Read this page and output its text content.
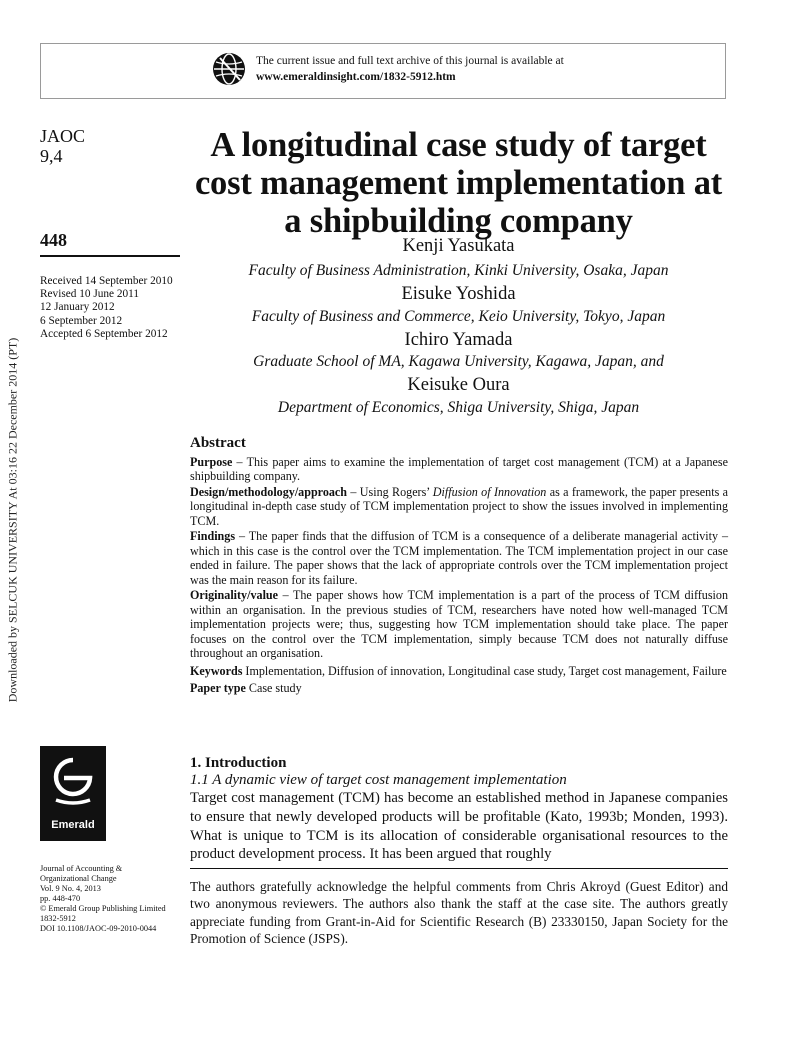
The current issue and full text archive of this journal is available at
www.emeraldinsight.com/1832-5912.htm
Downloaded by SELCUK UNIVERSITY At 03:16 22 December 2014 (PT)
JAOC
9,4
448
Received 14 September 2010
Revised 10 June 2011
12 January 2012
6 September 2012
Accepted 6 September 2012
A longitudinal case study of target cost management implementation at a shipbuilding company
Kenji Yasukata
Faculty of Business Administration, Kinki University, Osaka, Japan
Eisuke Yoshida
Faculty of Business and Commerce, Keio University, Tokyo, Japan
Ichiro Yamada
Graduate School of MA, Kagawa University, Kagawa, Japan, and
Keisuke Oura
Department of Economics, Shiga University, Shiga, Japan
Abstract

Purpose – This paper aims to examine the implementation of target cost management (TCM) at a Japanese shipbuilding company.

Design/methodology/approach – Using Rogers’ Diffusion of Innovation as a framework, the paper presents a longitudinal in-depth case study of TCM implementation project to show the issues involved in implementing TCM.

Findings – The paper finds that the diffusion of TCM is a consequence of a deliberate managerial activity – which in this case is the control over the TCM implementation. The TCM implementation project in our case ended in failure. The paper shows that the lack of appropriate controls over the TCM implementation project was the main reason for its failure.

Originality/value – The paper shows how TCM implementation is a part of the process of TCM diffusion within an organisation. In the previous studies of TCM, researchers have noted how well-managed TCM implementation projects were; thus, suggesting how TCM implementation should take place. The paper focuses on the control over the TCM implementation, simply because TCM does not naturally diffuse throughout an organisation.

Keywords Implementation, Diffusion of innovation, Longitudinal case study, Target cost management, Failure

Paper type Case study

Emerald
Journal of Accounting &
Organizational Change
Vol. 9 No. 4, 2013
pp. 448-470
© Emerald Group Publishing Limited
1832-5912
DOI 10.1108/JAOC-09-2010-0044
1. Introduction
1.1 A dynamic view of target cost management implementation

Target cost management (TCM) has become an established method in Japanese companies to ensure that newly developed products will be profitable (Kato, 1993b; Monden, 1993). What is unique to TCM is its allocation of considerable organisational resources to the product development process. It has been argued that roughly

The authors gratefully acknowledge the helpful comments from Chris Akroyd (Guest Editor) and two anonymous reviewers. The authors also thank the staff at the case site. The authors greatly appreciate funding from Grant-in-Aid for Scientific Research (B) 23330150, Japan Society for the Promotion of Science (JSPS).
